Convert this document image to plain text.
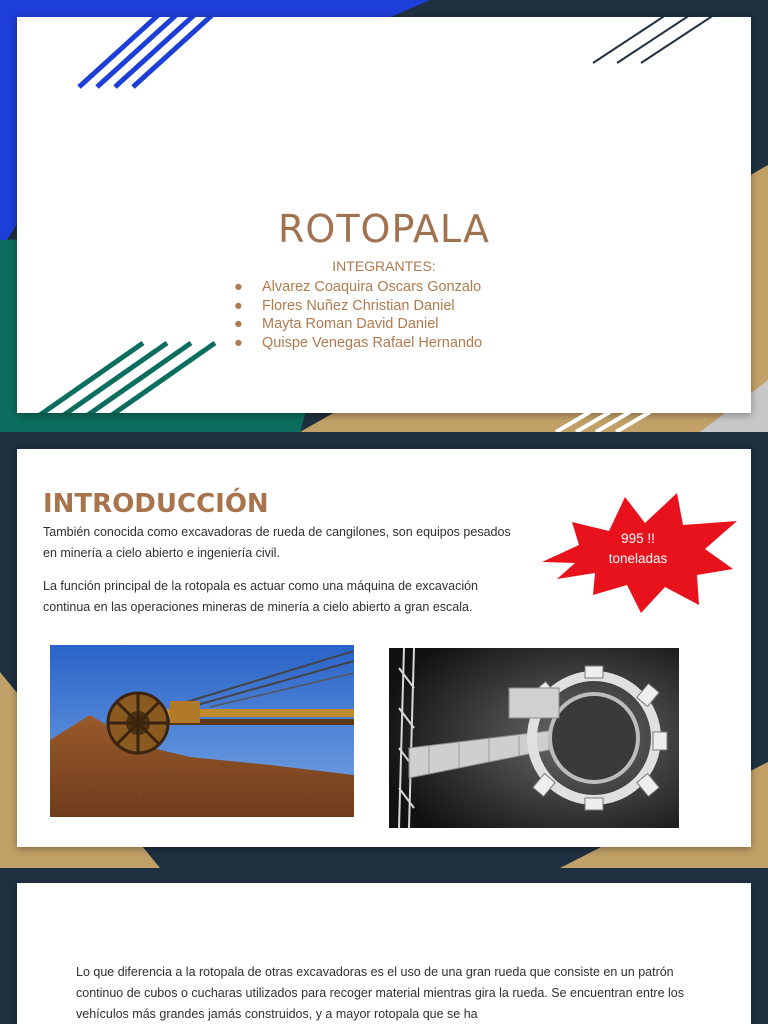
ROTOPALA
INTEGRANTES:
● Alvarez Coaquira Oscars Gonzalo
● Flores Nuñez Christian Daniel
● Mayta Roman David Daniel
● Quispe Venegas Rafael Hernando
INTRODUCCIÓN

También conocida como excavadoras de rueda de cangilones, son equipos pesados en minería a cielo abierto e ingeniería civil.

La función principal de la rotopala es actuar como una máquina de excavación continua en las operaciones mineras de minería a cielo abierto a gran escala.

995 !!
toneladas

Lo que diferencia a la rotopala de otras excavadoras es el uso de una gran rueda que consiste en un patrón continuo de cubos o cucharas utilizados para recoger material mientras gira la rueda. Se encuentran entre los vehículos más grandes jamás construidos, y a mayor rotopala que se ha
